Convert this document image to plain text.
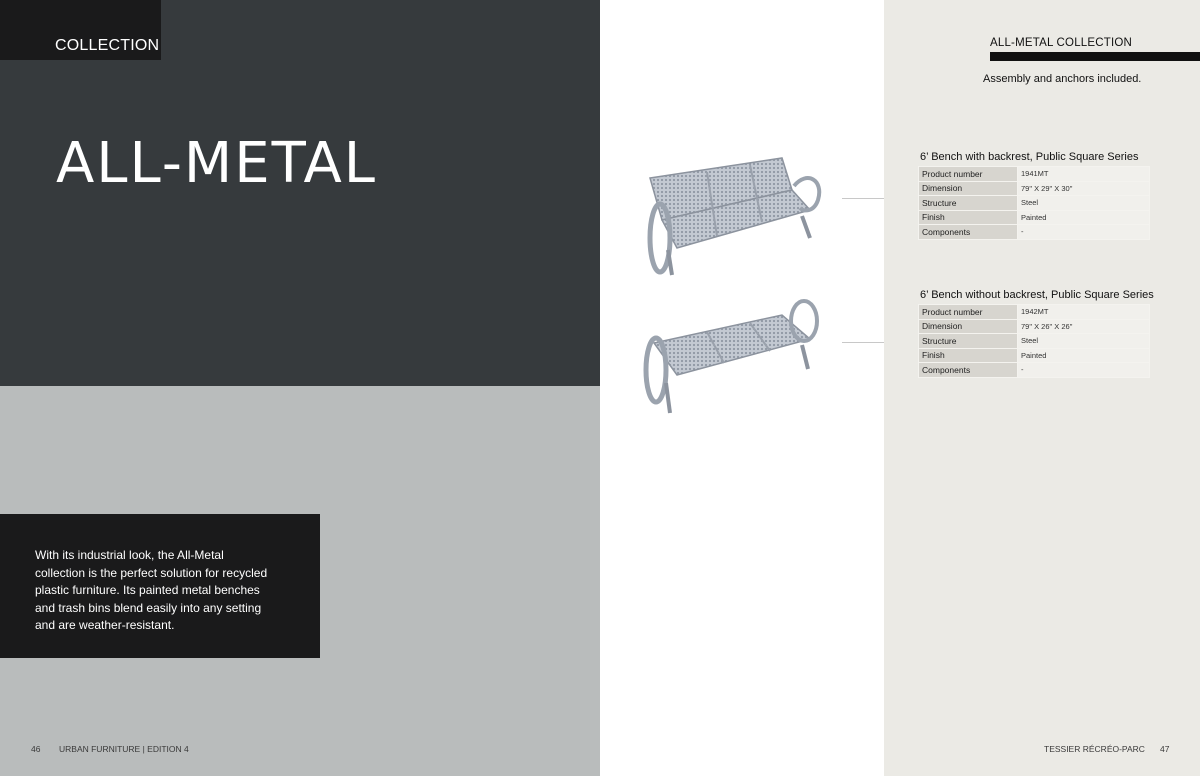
COLLECTION
ALL-METAL
With its industrial look, the All-Metal collection is the perfect solution for recycled plastic furniture. Its painted metal benches and trash bins blend easily into any setting and are weather-resistant.
46 URBAN FURNITURE | EDITION 4
ALL-METAL COLLECTION
Assembly and anchors included.
6’ Bench with backrest, Public Square Series
Product number	1941MT
Dimension	79" X 29" X 30"
Structure	Steel
Finish	Painted
Components	-
6’ Bench without backrest, Public Square Series
Product number	1942MT
Dimension	79" X 26" X 26"
Structure	Steel
Finish	Painted
Components	-
TESSIER RÉCRÉO-PARC 47
